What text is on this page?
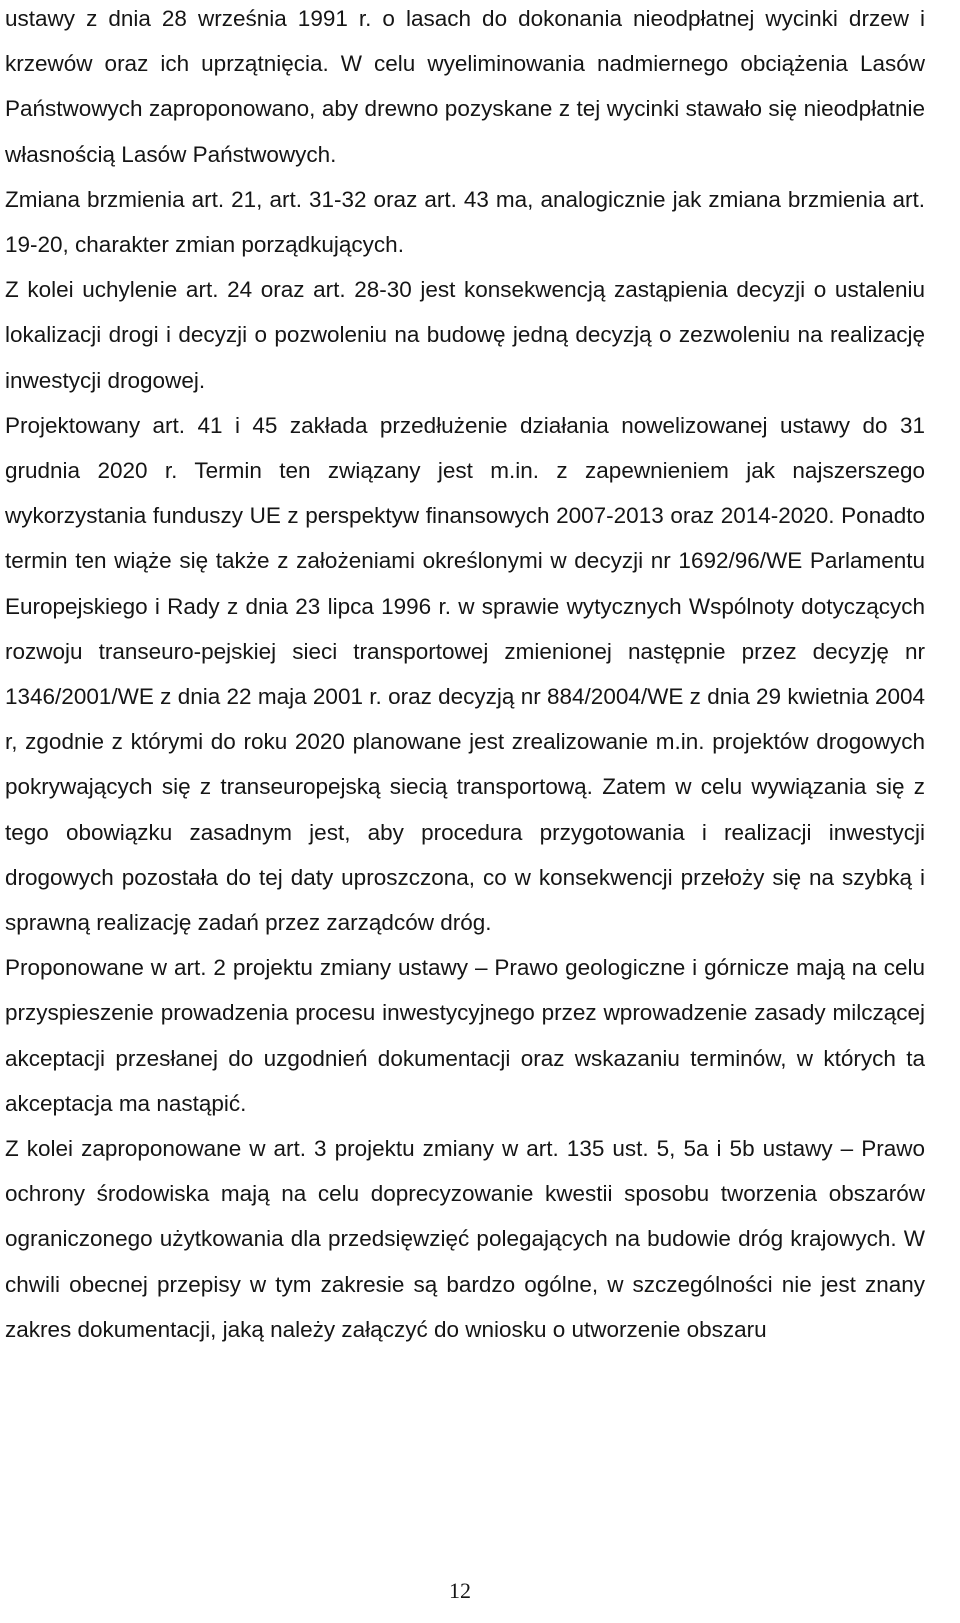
ustawy z dnia 28 września 1991 r. o lasach do dokonania nieodpłatnej wycinki drzew i krzewów oraz ich uprzątnięcia. W celu wyeliminowania nadmiernego obciążenia Lasów Państwowych zaproponowano, aby drewno pozyskane z tej wycinki stawało się nieodpłatnie własnością Lasów Państwowych.

Zmiana brzmienia art. 21, art. 31-32 oraz art. 43 ma, analogicznie jak zmiana brzmienia art. 19-20, charakter zmian porządkujących.

Z kolei uchylenie art. 24 oraz art. 28-30 jest konsekwencją zastąpienia decyzji o ustaleniu lokalizacji drogi i decyzji o pozwoleniu na budowę jedną decyzją o zezwoleniu na realizację inwestycji drogowej.

Projektowany art. 41 i 45 zakłada przedłużenie działania nowelizowanej ustawy do 31 grudnia 2020 r. Termin ten związany jest m.in. z zapewnieniem jak najszerszego wykorzystania funduszy UE z perspektyw finansowych 2007-2013 oraz 2014-2020. Ponadto termin ten wiąże się także z założeniami określonymi w decyzji nr 1692/96/WE Parlamentu Europejskiego i Rady z dnia 23 lipca 1996 r. w sprawie wytycznych Wspólnoty dotyczących rozwoju transeuro-pejskiej sieci transportowej zmienionej następnie przez decyzję nr 1346/2001/WE z dnia 22 maja 2001 r. oraz decyzją nr 884/2004/WE z dnia 29 kwietnia 2004 r, zgodnie z którymi do roku 2020 planowane jest zrealizowanie m.in. projektów drogowych pokrywających się z transeuropejską siecią transportową. Zatem w celu wywiązania się z tego obowiązku zasadnym jest, aby procedura przygotowania i realizacji inwestycji drogowych pozostała do tej daty uproszczona, co w konsekwencji przełoży się na szybką i sprawną realizację zadań przez zarządców dróg.

Proponowane w art. 2 projektu zmiany ustawy – Prawo geologiczne i górnicze mają na celu przyspieszenie prowadzenia procesu inwestycyjnego przez wprowadzenie zasady milczącej akceptacji przesłanej do uzgodnień dokumentacji oraz wskazaniu terminów, w których ta akceptacja ma nastąpić.

Z kolei zaproponowane w art. 3 projektu zmiany w art. 135 ust. 5, 5a i 5b ustawy – Prawo ochrony środowiska mają na celu doprecyzowanie kwestii sposobu tworzenia obszarów ograniczonego użytkowania dla przedsięwzięć polegających na budowie dróg krajowych. W chwili obecnej przepisy w tym zakresie są bardzo ogólne, w szczególności nie jest znany zakres dokumentacji, jaką należy załączyć do wniosku o utworzenie obszaru

12
